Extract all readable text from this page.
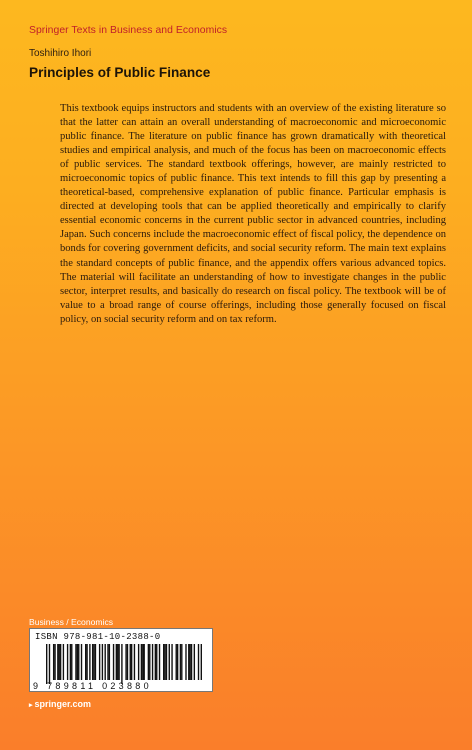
Springer Texts in Business and Economics
Toshihiro Ihori
Principles of Public Finance
This textbook equips instructors and students with an overview of the existing literature so that the latter can attain an overall understanding of macroeconomic and microeconomic public finance. The literature on public finance has grown dramatically with theoretical studies and empirical analysis, and much of the focus has been on macroeconomic effects of public services. The standard textbook offerings, however, are mainly restricted to microeconomic topics of public finance. This text intends to fill this gap by presenting a theoretical-based, comprehensive explanation of public finance. Particular emphasis is directed at developing tools that can be applied theoretically and empirically to clarify essential economic concerns in the current public sector in advanced countries, including Japan. Such concerns include the macroeconomic effect of fiscal policy, the dependence on bonds for covering government deficits, and social security reform. The main text explains the standard concepts of public finance, and the appendix offers various advanced topics. The material will facilitate an understanding of how to investigate changes in the public sector, interpret results, and basically do research on fiscal policy. The textbook will be of value to a broad range of course offerings, including those generally focused on fiscal policy, on social security reform and on tax reform.
Business / Economics
ISBN 978-981-10-2388-0
9 789811 023880
▸ springer.com
